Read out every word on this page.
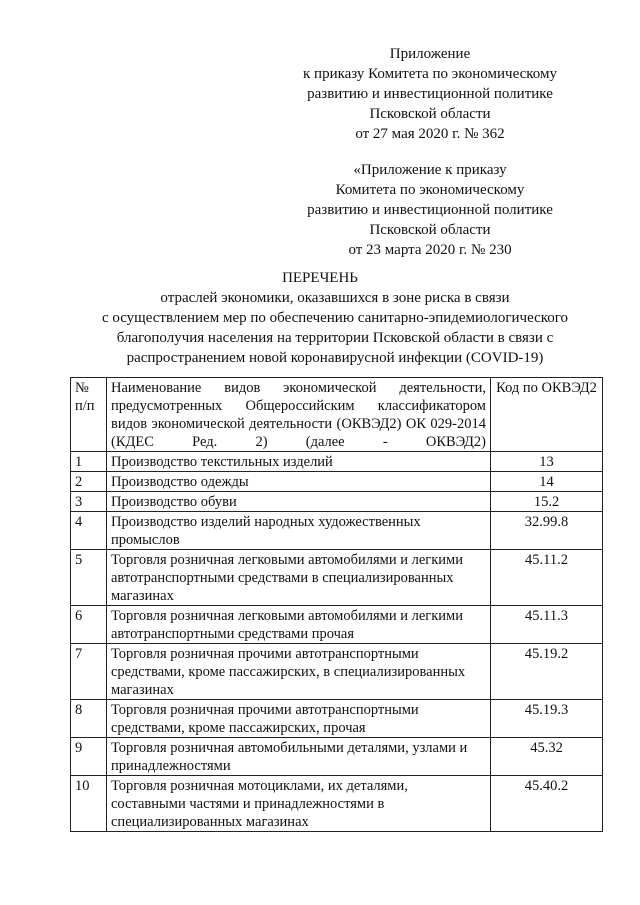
Приложение
к приказу Комитета по экономическому
развитию и инвестиционной политике
Псковской области
от 27 мая 2020 г. № 362
«Приложение к приказу
Комитета по экономическому
развитию и инвестиционной политике
Псковской области
от 23 марта 2020 г. № 230
ПЕРЕЧЕНЬ
отраслей экономики, оказавшихся в зоне риска в связи
с осуществлением мер по обеспечению санитарно-эпидемиологического
благополучия населения на территории Псковской области в связи с
распространением новой коронавирусной инфекции (COVID-19)
№ п/п	Наименование видов экономической деятельности, предусмотренных Общероссийским классификатором видов экономической деятельности (ОКВЭД2) ОК 029-2014 (КДЕС Ред. 2) (далее - ОКВЭД2)	Код по ОКВЭД2
1	Производство текстильных изделий	13
2	Производство одежды	14
3	Производство обуви	15.2
4	Производство изделий народных художественных промыслов	32.99.8
5	Торговля розничная легковыми автомобилями и легкими автотранспортными средствами в специализированных магазинах	45.11.2
6	Торговля розничная легковыми автомобилями и легкими автотранспортными средствами прочая	45.11.3
7	Торговля розничная прочими автотранспортными средствами, кроме пассажирских, в специализированных магазинах	45.19.2
8	Торговля розничная прочими автотранспортными средствами, кроме пассажирских, прочая	45.19.3
9	Торговля розничная автомобильными деталями, узлами и принадлежностями	45.32
10	Торговля розничная мотоциклами, их деталями, составными частями и принадлежностями в специализированных магазинах	45.40.2
